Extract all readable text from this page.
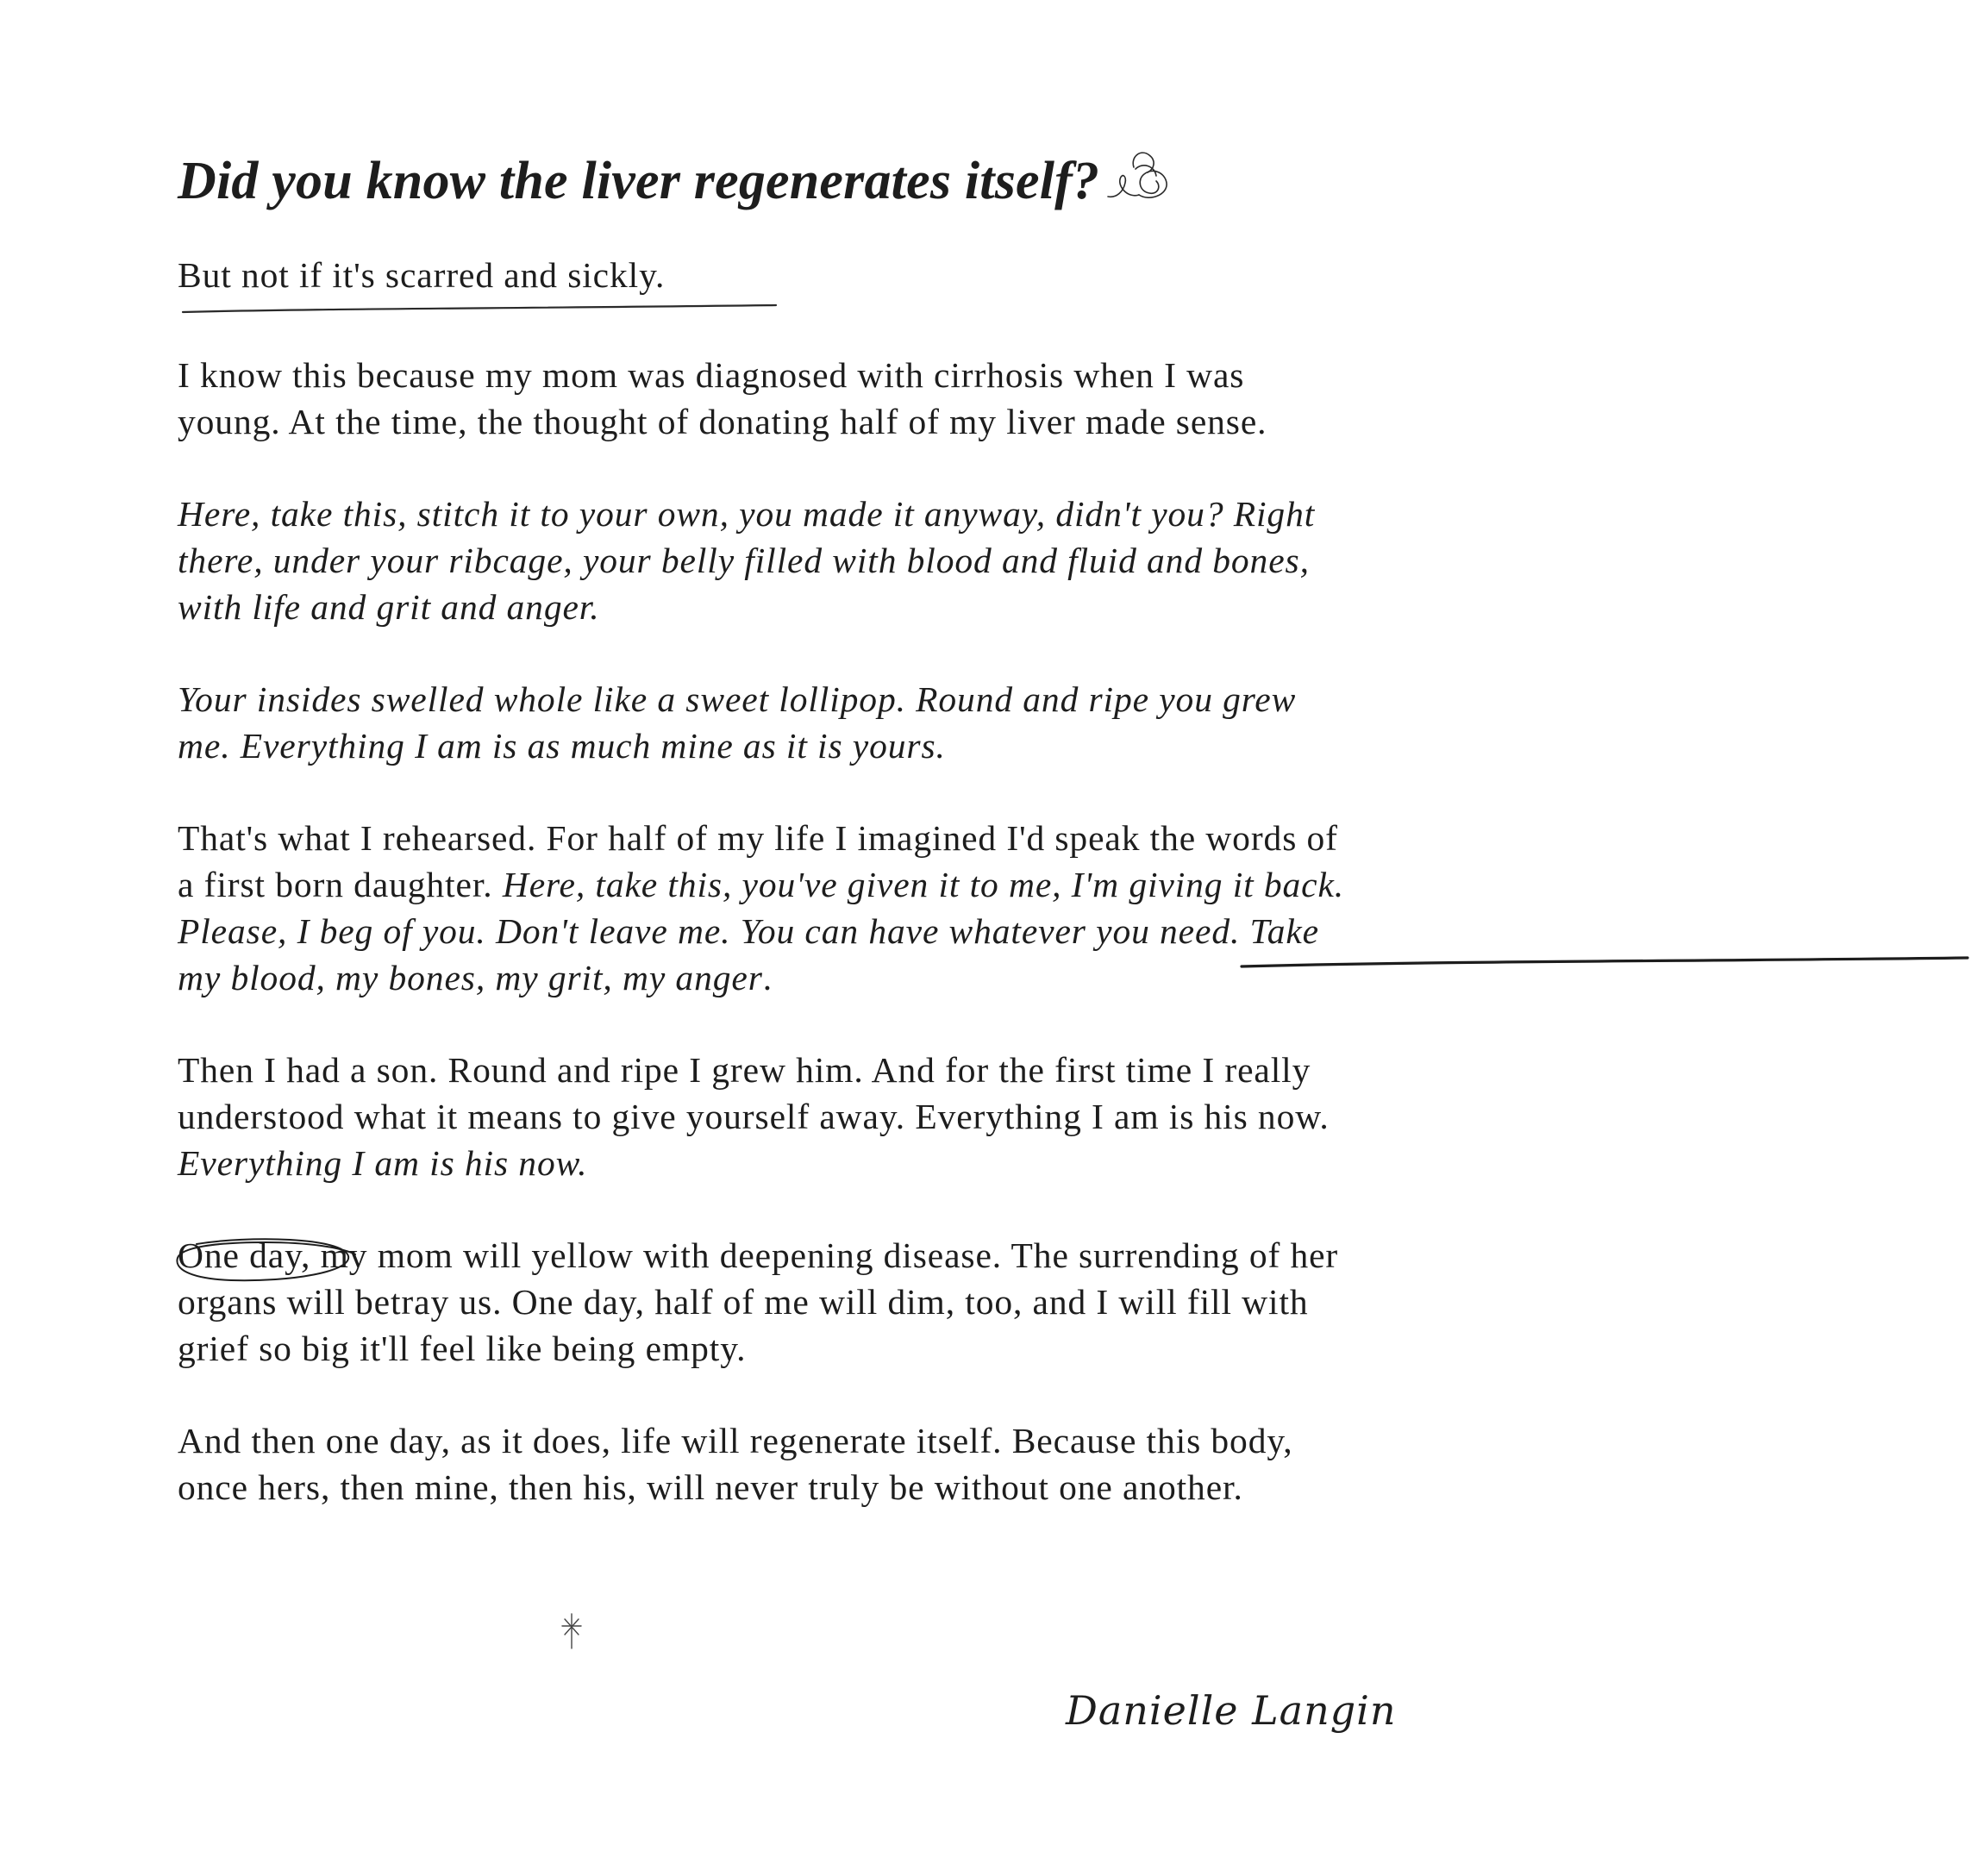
Did you know the liver regenerates itself?

But not if it's scarred and sickly.

I know this because my mom was diagnosed with cirrhosis when I was young. At the time, the thought of donating half of my liver made sense.

Here, take this, stitch it to your own, you made it anyway, didn't you? Right there, under your ribcage, your belly filled with blood and fluid and bones, with life and grit and anger.

Your insides swelled whole like a sweet lollipop. Round and ripe you grew me. Everything I am is as much mine as it is yours.

That's what I rehearsed. For half of my life I imagined I'd speak the words of a first born daughter. Here, take this, you've given it to me, I'm giving it back. Please, I beg of you. Don't leave me. You can have whatever you need. Take my blood, my bones, my grit, my anger
.

Then I had a son. Round and ripe I grew him. And for the first time I really understood what it means to give yourself away. Everything I am is his now. Everything I am is his now.

One day,
my mom will yellow with deepening disease. The surrending of her organs will betray us. One day, half of me will dim, too, and I will fill with grief so big it'll feel like being empty.

And then one day, as it does, life will regenerate itself. Because this body, once hers, then mine, then his, will never truly be without one another.

Danielle Langin
